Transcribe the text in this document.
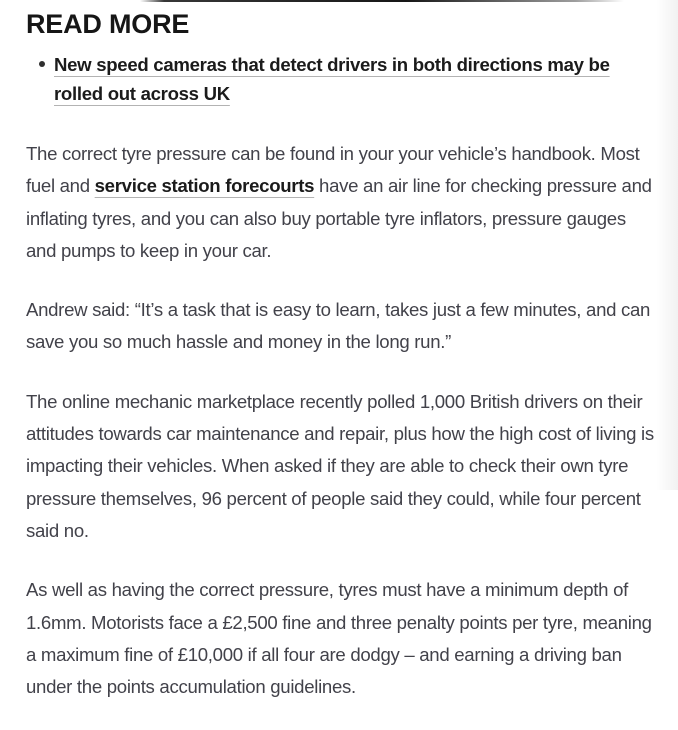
READ MORE
New speed cameras that detect drivers in both directions may be rolled out across UK

The correct tyre pressure can be found in your your vehicle’s handbook. Most fuel and service station forecourts have an air line for checking pressure and inflating tyres, and you can also buy portable tyre inflators, pressure gauges and pumps to keep in your car.

Andrew said: “It’s a task that is easy to learn, takes just a few minutes, and can save you so much hassle and money in the long run.”

The online mechanic marketplace recently polled 1,000 British drivers on their attitudes towards car maintenance and repair, plus how the high cost of living is impacting their vehicles. When asked if they are able to check their own tyre pressure themselves, 96 percent of people said they could, while four percent said no.

As well as having the correct pressure, tyres must have a minimum depth of 1.6mm. Motorists face a £2,500 fine and three penalty points per tyre, meaning a maximum fine of £10,000 if all four are dodgy – and earning a driving ban under the points accumulation guidelines.
